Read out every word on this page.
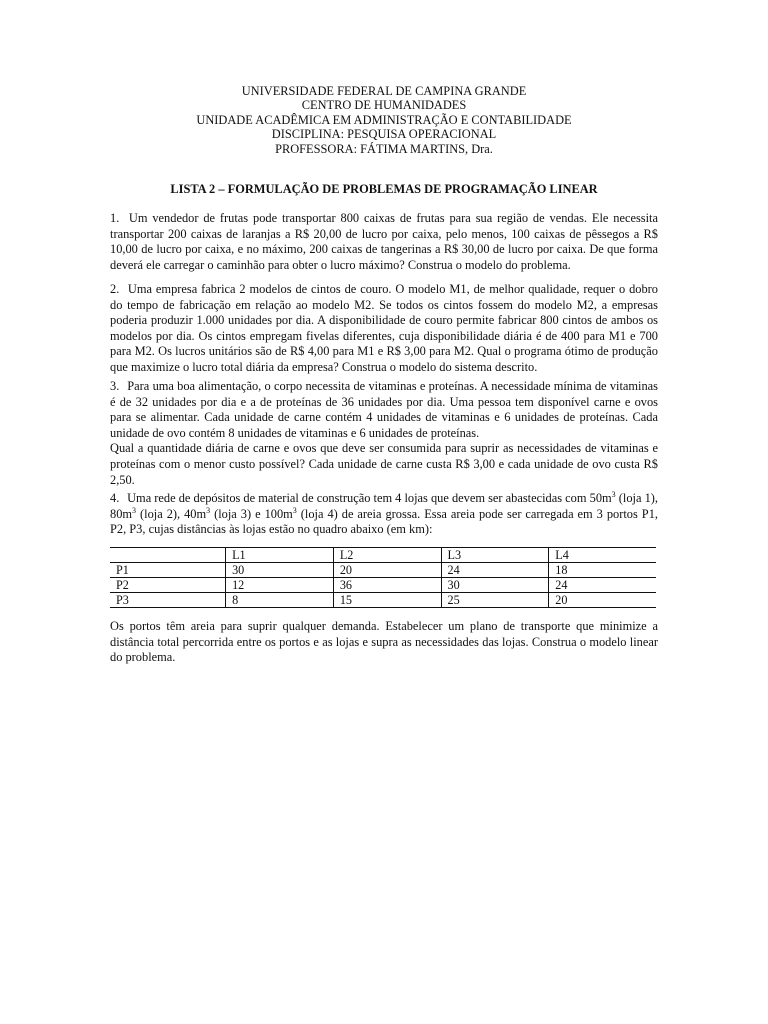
UNIVERSIDADE FEDERAL DE CAMPINA GRANDE
CENTRO DE HUMANIDADES
UNIDADE ACADÊMICA EM ADMINISTRAÇÃO E CONTABILIDADE
DISCIPLINA: PESQUISA OPERACIONAL
PROFESSORA: FÁTIMA MARTINS, Dra.
LISTA 2 – FORMULAÇÃO DE PROBLEMAS DE PROGRAMAÇÃO LINEAR

1. Um vendedor de frutas pode transportar 800 caixas de frutas para sua região de vendas. Ele necessita transportar 200 caixas de laranjas a R$ 20,00 de lucro por caixa, pelo menos, 100 caixas de pêssegos a R$ 10,00 de lucro por caixa, e no máximo, 200 caixas de tangerinas a R$ 30,00 de lucro por caixa. De que forma deverá ele carregar o caminhão para obter o lucro máximo? Construa o modelo do problema.

2. Uma empresa fabrica 2 modelos de cintos de couro. O modelo M1, de melhor qualidade, requer o dobro do tempo de fabricação em relação ao modelo M2. Se todos os cintos fossem do modelo M2, a empresas poderia produzir 1.000 unidades por dia. A disponibilidade de couro permite fabricar 800 cintos de ambos os modelos por dia. Os cintos empregam fivelas diferentes, cuja disponibilidade diária é de 400 para M1 e 700 para M2. Os lucros unitários são de R$ 4,00 para M1 e R$ 3,00 para M2. Qual o programa ótimo de produção que maximize o lucro total diária da empresa? Construa o modelo do sistema descrito.

3. Para uma boa alimentação, o corpo necessita de vitaminas e proteínas. A necessidade mínima de vitaminas é de 32 unidades por dia e a de proteínas de 36 unidades por dia. Uma pessoa tem disponível carne e ovos para se alimentar. Cada unidade de carne contém 4 unidades de vitaminas e 6 unidades de proteínas. Cada unidade de ovo contém 8 unidades de vitaminas e 6 unidades de proteínas.

Qual a quantidade diária de carne e ovos que deve ser consumida para suprir as necessidades de vitaminas e proteínas com o menor custo possível? Cada unidade de carne custa R$ 3,00 e cada unidade de ovo custa R$ 2,50.

4. Uma rede de depósitos de material de construção tem 4 lojas que devem ser abastecidas com $50m^3$ (loja 1), $80m^3$ (loja 2), $40m^3$ (loja 3) e $100m^3$ (loja 4) de areia grossa. Essa areia pode ser carregada em 3 portos P1, P2, P3, cujas distâncias às lojas estão no quadro abaixo (em km):

	L1	L2	L3	L4
P1	30	20	24	18
P2	12	36	30	24
P3	8	15	25	20

Os portos têm areia para suprir qualquer demanda. Estabelecer um plano de transporte que minimize a distância total percorrida entre os portos e as lojas e supra as necessidades das lojas. Construa o modelo linear do problema.
